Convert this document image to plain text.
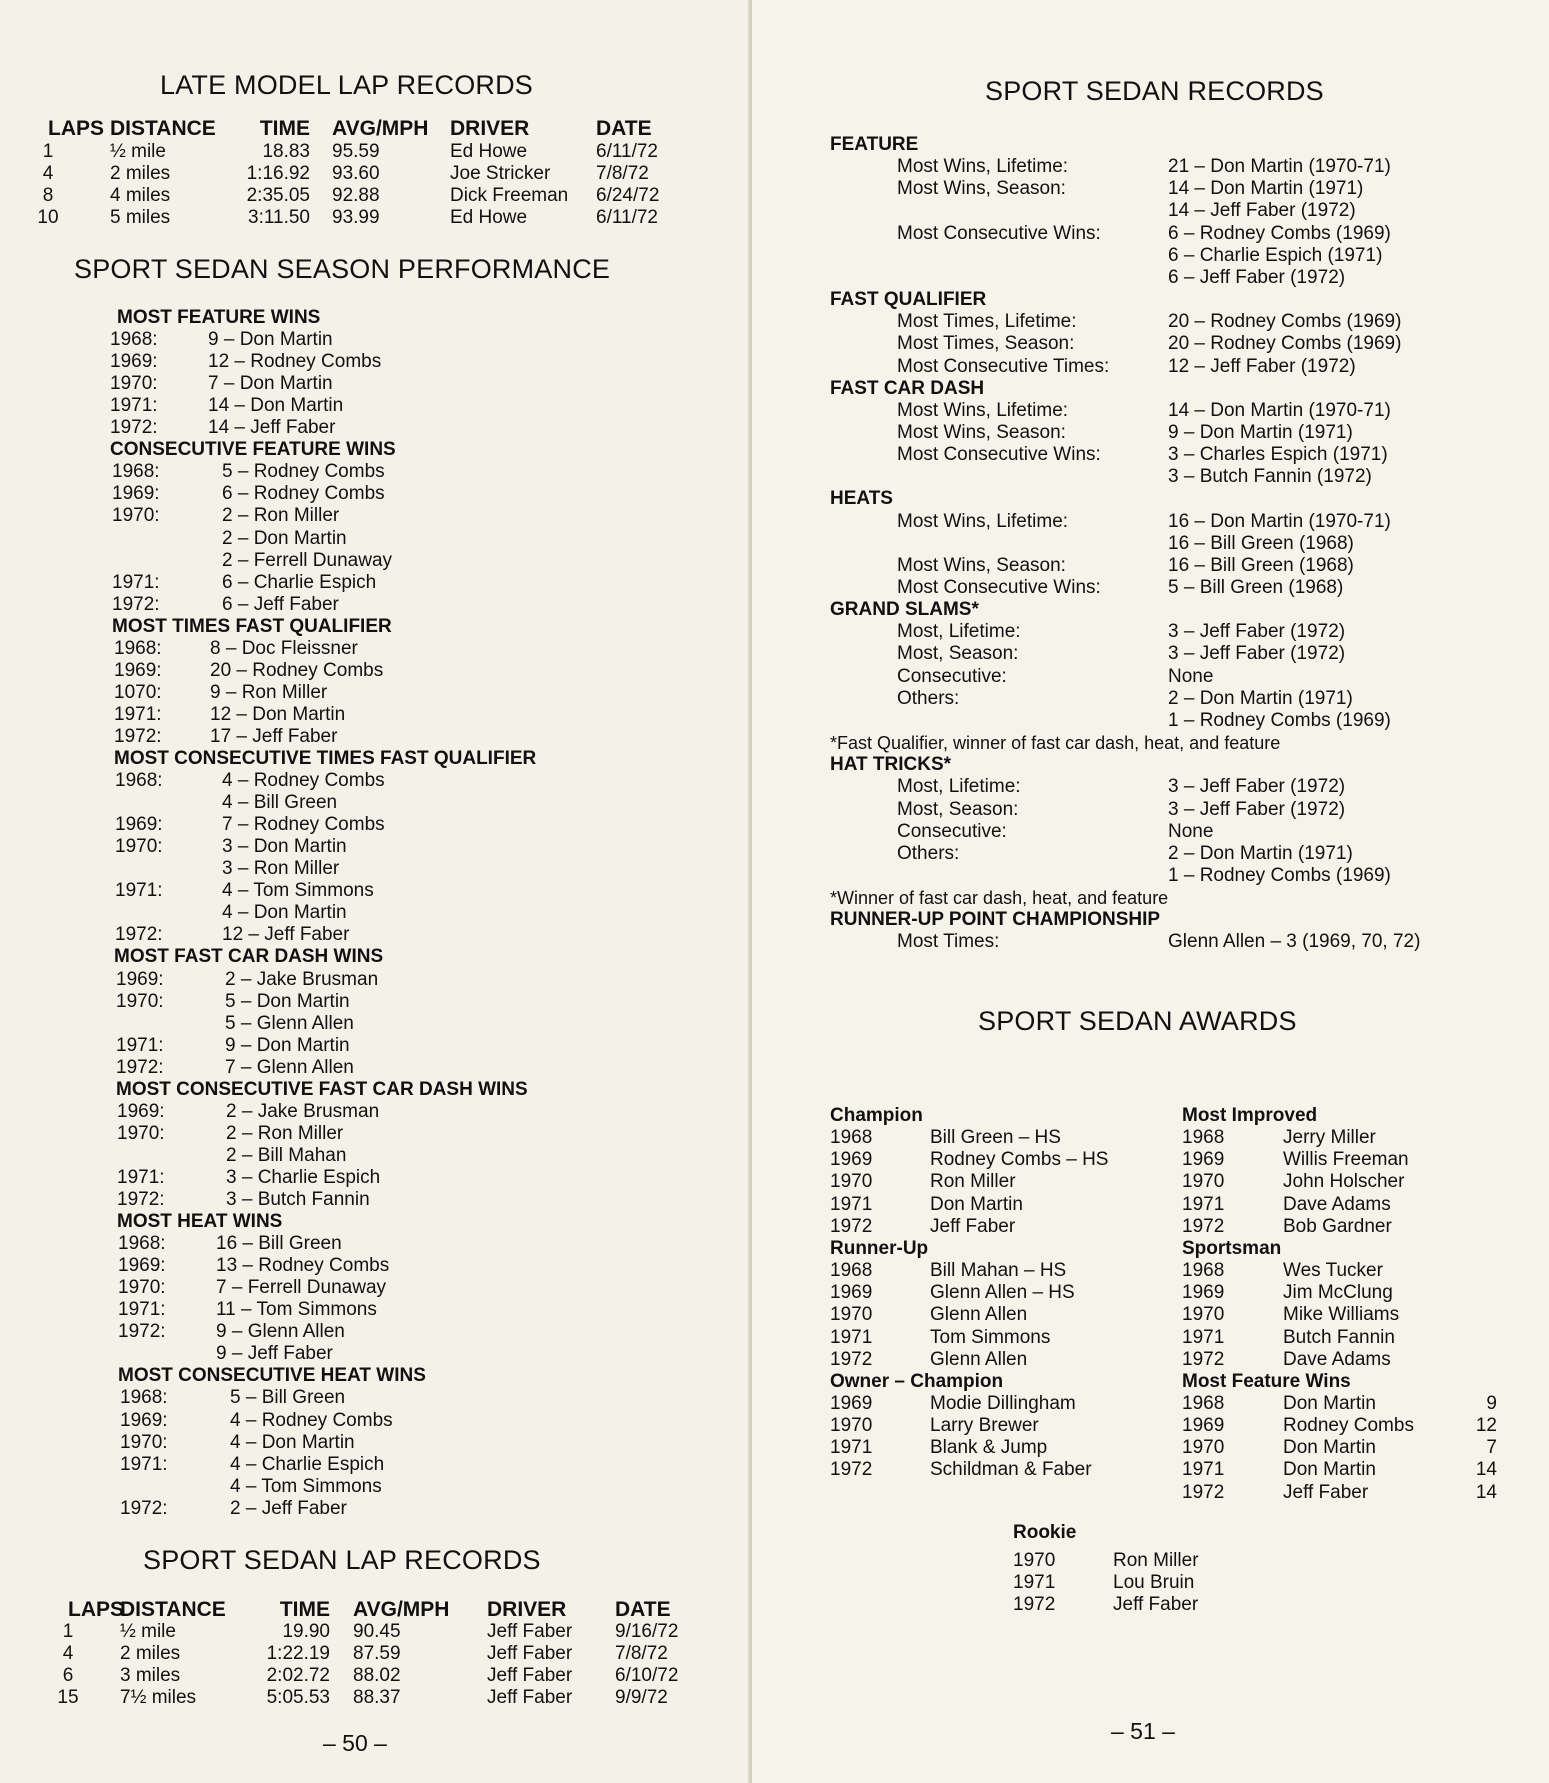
LATE MODEL LAP RECORDS
LAPS DISTANCE	TIME AVG/MPH DRIVER	DATE
1	½ mile	18.83 95.59	Ed Howe	6/11/72
4	2 miles	1:16.92 93.60	Joe Stricker 7/8/72
8	4 miles	2:35.05 92.88	Dick Freeman 6/24/72
10	5 miles	3:11.50 93.99	Ed Howe	6/11/72
SPORT SEDAN SEASON PERFORMANCE
MOST FEATURE WINS
1968:	9 – Don Martin
1969:	12 – Rodney Combs
1970:	7 – Don Martin
1971:	14 – Don Martin
1972:	14 – Jeff Faber
CONSECUTIVE FEATURE WINS
1968:	5 – Rodney Combs
1969:	6 – Rodney Combs
1970:	2 – Ron Miller
2 – Don Martin
2 – Ferrell Dunaway
1971:	6 – Charlie Espich
1972:	6 – Jeff Faber
MOST TIMES FAST QUALIFIER
1968:	8 – Doc Fleissner
1969:	20 – Rodney Combs
1070:	9 – Ron Miller
1971:	12 – Don Martin
1972:	17 – Jeff Faber
MOST CONSECUTIVE TIMES FAST QUALIFIER
1968:	4 – Rodney Combs
4 – Bill Green
1969:	7 – Rodney Combs
1970:	3 – Don Martin
3 – Ron Miller
1971:	4 – Tom Simmons
4 – Don Martin
1972:	12 – Jeff Faber
MOST FAST CAR DASH WINS
1969:	2 – Jake Brusman
1970:	5 – Don Martin
5 – Glenn Allen
1971:	9 – Don Martin
1972:	7 – Glenn Allen
MOST CONSECUTIVE FAST CAR DASH WINS
1969:	2 – Jake Brusman
1970:	2 – Ron Miller
2 – Bill Mahan
1971:	3 – Charlie Espich
1972:	3 – Butch Fannin
MOST HEAT WINS
1968:	16 – Bill Green
1969:	13 – Rodney Combs
1970:	7 – Ferrell Dunaway
1971:	11 – Tom Simmons
1972:	9 – Glenn Allen
9 – Jeff Faber
MOST CONSECUTIVE HEAT WINS
1968:	5 – Bill Green
1969:	4 – Rodney Combs
1970:	4 – Don Martin
1971:	4 – Charlie Espich
4 – Tom Simmons
1972:	2 – Jeff Faber
SPORT SEDAN LAP RECORDS
LAPS
DISTANCE	TIME AVG/MPH DRIVER DATE
1	½ mile	19.90 90.45	Jeff Faber 9/16/72
4	2 miles	1:22.19 87.59	Jeff Faber 7/8/72
6	3 miles	2:02.72 88.02	Jeff Faber 6/10/72
15	7½ miles	5:05.53 88.37	Jeff Faber 9/9/72
– 50 –
SPORT SEDAN RECORDS
FEATURE
Most Wins, Lifetime:	21 – Don Martin (1970-71)
Most Wins, Season:	14 – Don Martin (1971)
14 – Jeff Faber (1972)
Most Consecutive Wins:	6 – Rodney Combs (1969)
6 – Charlie Espich (1971)
6 – Jeff Faber (1972)
FAST QUALIFIER
Most Times, Lifetime:	20 – Rodney Combs (1969)
Most Times, Season:	20 – Rodney Combs (1969)
Most Consecutive Times:	12 – Jeff Faber (1972)
FAST CAR DASH
Most Wins, Lifetime:	14 – Don Martin (1970-71)
Most Wins, Season:	9 – Don Martin (1971)
Most Consecutive Wins:	3 – Charles Espich (1971)
3 – Butch Fannin (1972)
HEATS
Most Wins, Lifetime:	16 – Don Martin (1970-71)
16 – Bill Green (1968)
Most Wins, Season:	16 – Bill Green (1968)
Most Consecutive Wins:	5 – Bill Green (1968)
GRAND SLAMS*
Most, Lifetime:	3 – Jeff Faber (1972)
Most, Season:	3 – Jeff Faber (1972)
Consecutive:	None
Others:	2 – Don Martin (1971)
1 – Rodney Combs (1969)
*Fast Qualifier, winner of fast car dash, heat, and feature
HAT TRICKS*
Most, Lifetime:	3 – Jeff Faber (1972)
Most, Season:	3 – Jeff Faber (1972)
Consecutive:	None
Others:	2 – Don Martin (1971)
1 – Rodney Combs (1969)
*Winner of fast car dash, heat, and feature
RUNNER-UP POINT CHAMPIONSHIP
Most Times:	Glenn Allen – 3 (1969, 70, 72)
SPORT SEDAN AWARDS
Champion
1968	Bill Green – HS
1969	Rodney Combs – HS
1970	Ron Miller
1971	Don Martin
1972	Jeff Faber
Runner-Up
1968	Bill Mahan – HS
1969	Glenn Allen – HS
1970	Glenn Allen
1971	Tom Simmons
1972	Glenn Allen
Owner – Champion
1969	Modie Dillingham
1970	Larry Brewer
1971	Blank & Jump
1972	Schildman & Faber
Most Improved
1968	Jerry Miller
1969	Willis Freeman
1970	John Holscher
1971	Dave Adams
1972	Bob Gardner
Sportsman
1968	Wes Tucker
1969	Jim McClung
1970	Mike Williams
1971	Butch Fannin
1972	Dave Adams
Most Feature Wins
1968	Don Martin	9
1969	Rodney Combs	12
1970	Don Martin	7
1971	Don Martin	14
1972	Jeff Faber	14
Rookie
1970	Ron Miller
1971	Lou Bruin
1972	Jeff Faber
– 51 –
